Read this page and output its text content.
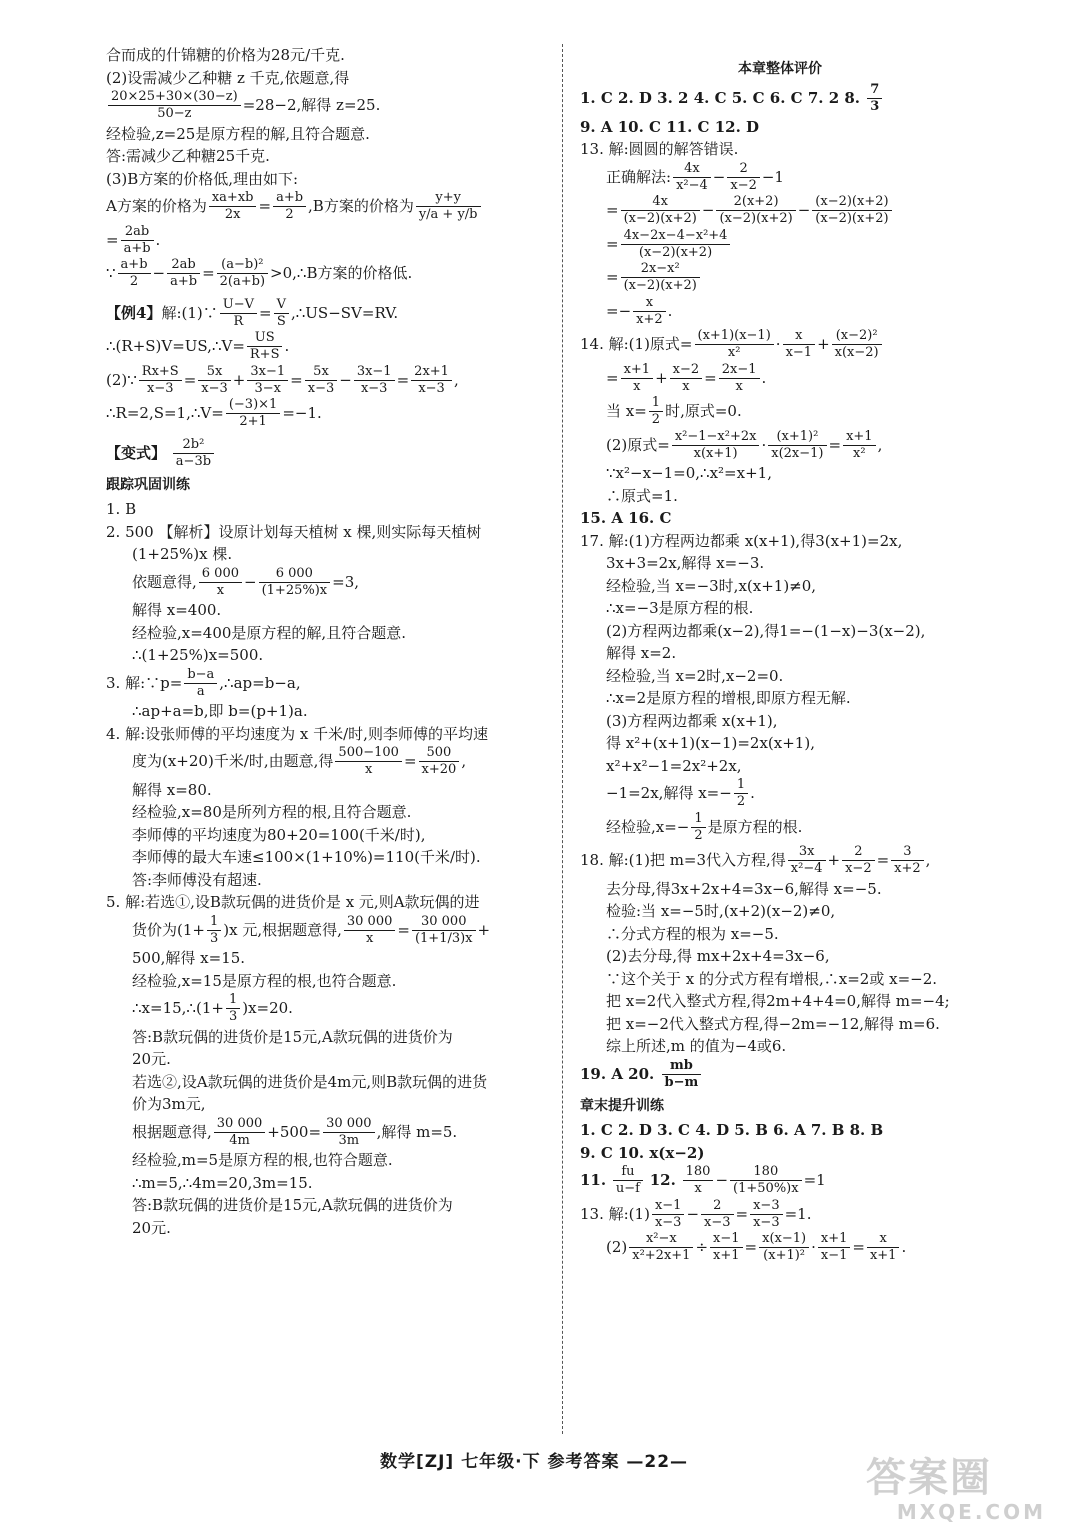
合而成的什锦糖的价格为28元/千克.

(2)设需减少乙种糖 z 千克,依题意,得

$\frac{20\times 25+30\times(30-z)}{50-z} =28-2$,解得 z=25.

经检验,z=25是原方程的解,且符合题意.

答:需减少乙种糖25千克.

(3)B方案的价格低,理由如下:

A方案的价格为 $\frac{xa+xb}{2x} = \frac{a+b}{2} ,B$方案的价格为 $\frac{y+y}{y/a + y/b}$

= $\frac{2ab}{a+b}$ .

∵ $\frac{a+b}{2} - \frac{2ab}{a+b} = \frac{\text{(a−b)²}}{2(a+b)}$ >0,∴B方案的价格低.

【例4】解:(1)∵ $\frac{U-V}{R} = \frac{V}{S}$ ,∴US−SV=RV.

∴(R+S)V=US,∴V= $\frac{US}{R+S}$ .

(2)∵ $\frac{Rx+S}{x-3} = \frac{5x}{x-3} + \frac{3x-1}{3-x} = \frac{5x}{x-3} - \frac{3x-1}{x-3} = \frac{2x+1}{x-3}$ ,

∴R=2,S=1,∴V= $\frac{(-3)\times 1}{2+1} =-1$.

【变式】 $\frac{\text{2b²}}{a-3b}$

跟踪巩固训练

1. B

2. 500 【解析】设原计划每天植树 x 棵,则实际每天植树

(1+25%)x 棵.

依题意得, $\frac{6 000}{x} - \frac{6 000}{(1+25\%)x} =3$,

解得 x=400.

经检验,x=400是原方程的解,且符合题意.

∴(1+25%)x=500.

3. 解:∵p= $\frac{b-a}{a}$ ,∴ap=b−a,

∴ap+a=b,即 b=(p+1)a.

4. 解:设张师傅的平均速度为 x 千米/时,则李师傅的平均速

度为(x+20)千米/时,由题意,得 $\frac{500-100}{x} = \frac{500}{x+20}$ ,

解得 x=80.

经检验,x=80是所列方程的根,且符合题意.

李师傅的平均速度为80+20=100(千米/时),

李师傅的最大车速≤100×(1+10%)=110(千米/时).

答:李师傅没有超速.

5. 解:若选①,设B款玩偶的进货价是 x 元,则A款玩偶的进

货价为$(1+ \frac{1}{3} )x$ 元,根据题意得, $\frac{30 000}{x} = \frac{30 000}{(1+1/3)x}$ +

500,解得 x=15.

经检验,x=15是原方程的根,也符合题意.

∴x=15,∴(1+ $\frac{1}{3} )x=20$.

答:B款玩偶的进货价是15元,A款玩偶的进货价为

20元.

若选②,设A款玩偶的进货价是4m元,则B款玩偶的进货

价为3m元,

根据题意得, $\frac{30 000}{4m} +500= \frac{30 000}{3m}$ ,解得 m=5.

经检验,m=5是原方程的根,也符合题意.

∴m=5,∴4m=20,3m=15.

答:B款玩偶的进货价是15元,A款玩偶的进货价为

20元.

本章整体评价

1. C 2. D 3. 2 4. C 5. C 6. C 7. 2 8. $\frac{7}{3}$

9. A 10. C 11. C 12. D

13. 解:圆圆的解答错误.

正确解法: $\frac{4x}{\text{x²−4}} - \frac{2}{x-2} -1$

= $\frac{4x}{(x-2)(x+2)} - \frac{2(x+2)}{(x-2)(x+2)} - \frac{(x-2)(x+2)}{(x-2)(x+2)}$

= $\frac{\text{4x−2x−4−x²+4}}{(x-2)(x+2)}$

= $\frac{\text{2x−x²}}{(x-2)(x+2)}$

=− $\frac{x}{x+2}$ .

14. 解:(1)原式= $\frac{(x+1)(x-1)}{\text{x²}} \cdot \frac{x}{x-1} + \frac{\text{(x−2)²}}{x(x-2)}$

= $\frac{x+1}{x} + \frac{x-2}{x} = \frac{2x-1}{x}$ .

当 $x= \frac{1}{2}$ 时,原式=0.

(2)原式= $\frac{\text{x²−1−x²+2x}}{x(x+1)} \cdot \frac{\text{(x+1)²}}{x(2x-1)} = \frac{x+1}{\text{x²}}$ ,

∵x²−x−1=0,∴x²=x+1,

∴原式=1.

15. A 16. C

17. 解:(1)方程两边都乘 x(x+1),得3(x+1)=2x,

3x+3=2x,解得 x=−3.

经检验,当 x=−3时,x(x+1)≠0,

∴x=−3是原方程的根.

(2)方程两边都乘(x−2),得1=−(1−x)−3(x−2),

解得 x=2.

经检验,当 x=2时,x−2=0.

∴x=2是原方程的增根,即原方程无解.

(3)方程两边都乘 x(x+1),

得 x²+(x+1)(x−1)=2x(x+1),

x²+x²−1=2x²+2x,

−1=2x,解得 $x=- \frac{1}{2}$ .

经检验$,x=- \frac{1}{2}$ 是原方程的根.

18. 解:(1)把 m=3代入方程,得 $\frac{3x}{\text{x²−4}} + \frac{2}{x-2} = \frac{3}{x+2}$ ,

去分母,得3x+2x+4=3x−6,解得 x=−5.

检验:当 x=−5时,(x+2)(x−2)≠0,

∴分式方程的根为 x=−5.

(2)去分母,得 mx+2x+4=3x−6,

∵这个关于 x 的分式方程有增根,∴x=2或 x=−2.

把 x=2代入整式方程,得2m+4+4=0,解得 m=−4;

把 x=−2代入整式方程,得−2m=−12,解得 m=6.

综上所述,m 的值为−4或6.

19. A 20. $\frac{mb}{b-m}$

章末提升训练

1. C 2. D 3. C 4. D 5. B 6. A 7. B 8. B

9. C 10. x(x−2)

11. $\frac{fu}{u-f} 12$. $\frac{180}{x} - \frac{180}{(1+50\%)x} =1$

13. 解:(1) $\frac{x-1}{x-3} - \frac{2}{x-3} = \frac{x-3}{x-3} =1$.

$(2) \frac{\text{x²−x}}{\text{x²+2x+1}} \div \frac{x-1}{x+1} = \frac{x(x-1)}{\text{(x+1)²}} \cdot \frac{x+1}{x-1} = \frac{x}{x+1}$ .

数学[ZJ] 七年级·下 参考答案 —22—	答案圈
MXQE.COM
